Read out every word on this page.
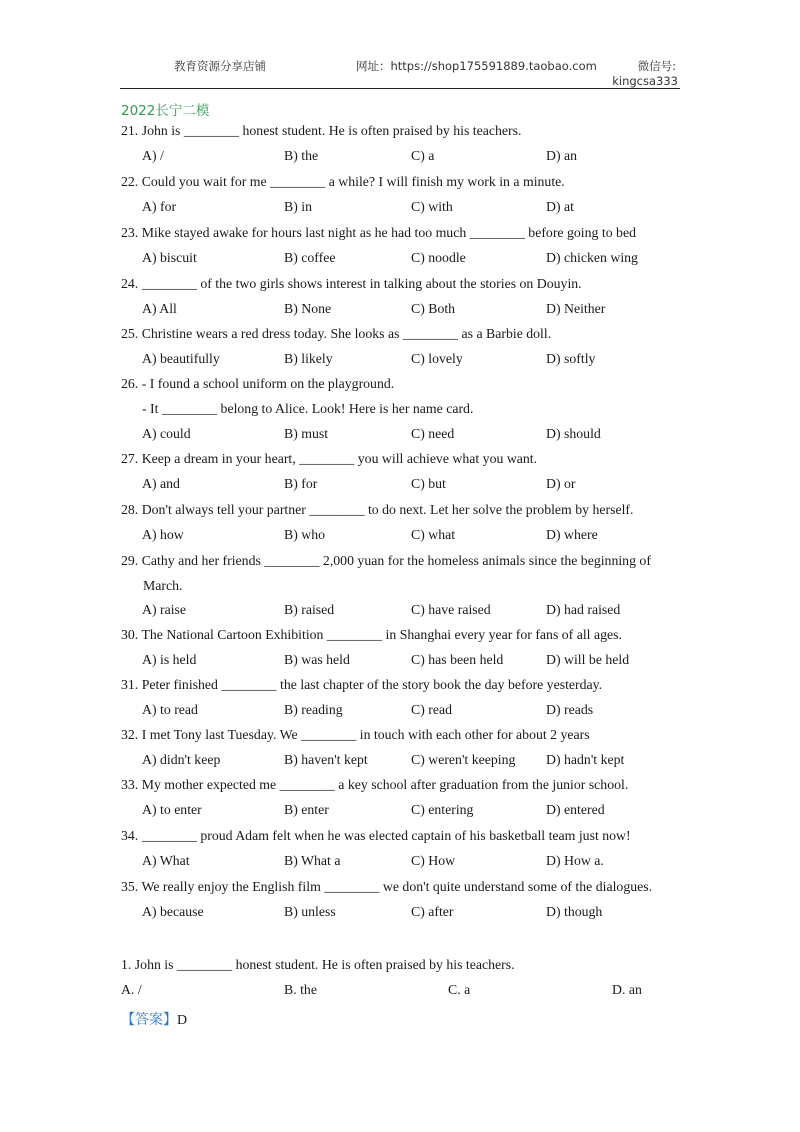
教育资源分享店铺	网址：https://shop175591889.taobao.com	微信号:
kingcsa333
2022长宁二模
21. John is ________ honest student. He is often praised by his teachers.
A) /	B) the	C) a	D) an
22. Could you wait for me ________ a while? I will finish my work in a minute.
A) for	B) in	C) with	D) at
23. Mike stayed awake for hours last night as he had too much ________ before going to bed
A) biscuit	B) coffee	C) noodle	D) chicken wing
24. ________ of the two girls shows interest in talking about the stories on Douyin.
A) All	B) None	C) Both	D) Neither
25. Christine wears a red dress today. She looks as ________ as a Barbie doll.
A) beautifully	B) likely	C) lovely	D) softly
26. - I found a school uniform on the playground.
- It ________ belong to Alice. Look! Here is her name card.
A) could	B) must	C) need	D) should
27. Keep a dream in your heart, ________ you will achieve what you want.
A) and	B) for	C) but	D) or
28. Don't always tell your partner ________ to do next. Let her solve the problem by herself.
A) how	B) who	C) what	D) where
29. Cathy and her friends ________ 2,000 yuan for the homeless animals since the beginning of March.
A) raise	B) raised	C) have raised	D) had raised
30. The National Cartoon Exhibition ________ in Shanghai every year for fans of all ages.
A) is held	B) was held	C) has been held	D) will be held
31. Peter finished ________ the last chapter of the story book the day before yesterday.
A) to read	B) reading	C) read	D) reads
32. I met Tony last Tuesday. We ________ in touch with each other for about 2 years
A) didn't keep	B) haven't kept	C) weren't keeping D) hadn't kept
33. My mother expected me ________ a key school after graduation from the junior school.
A) to enter	B) enter	C) entering	D) entered
34. ________ proud Adam felt when he was elected captain of his basketball team just now!
A) What	B) What a	C) How	D) How a.
35. We really enjoy the English film ________ we don't quite understand some of the dialogues.
A) because	B) unless	C) after	D) though
1. John is ________ honest student. He is often praised by his teachers.
A. /	B. the	C. a	D. an
【答案】D
